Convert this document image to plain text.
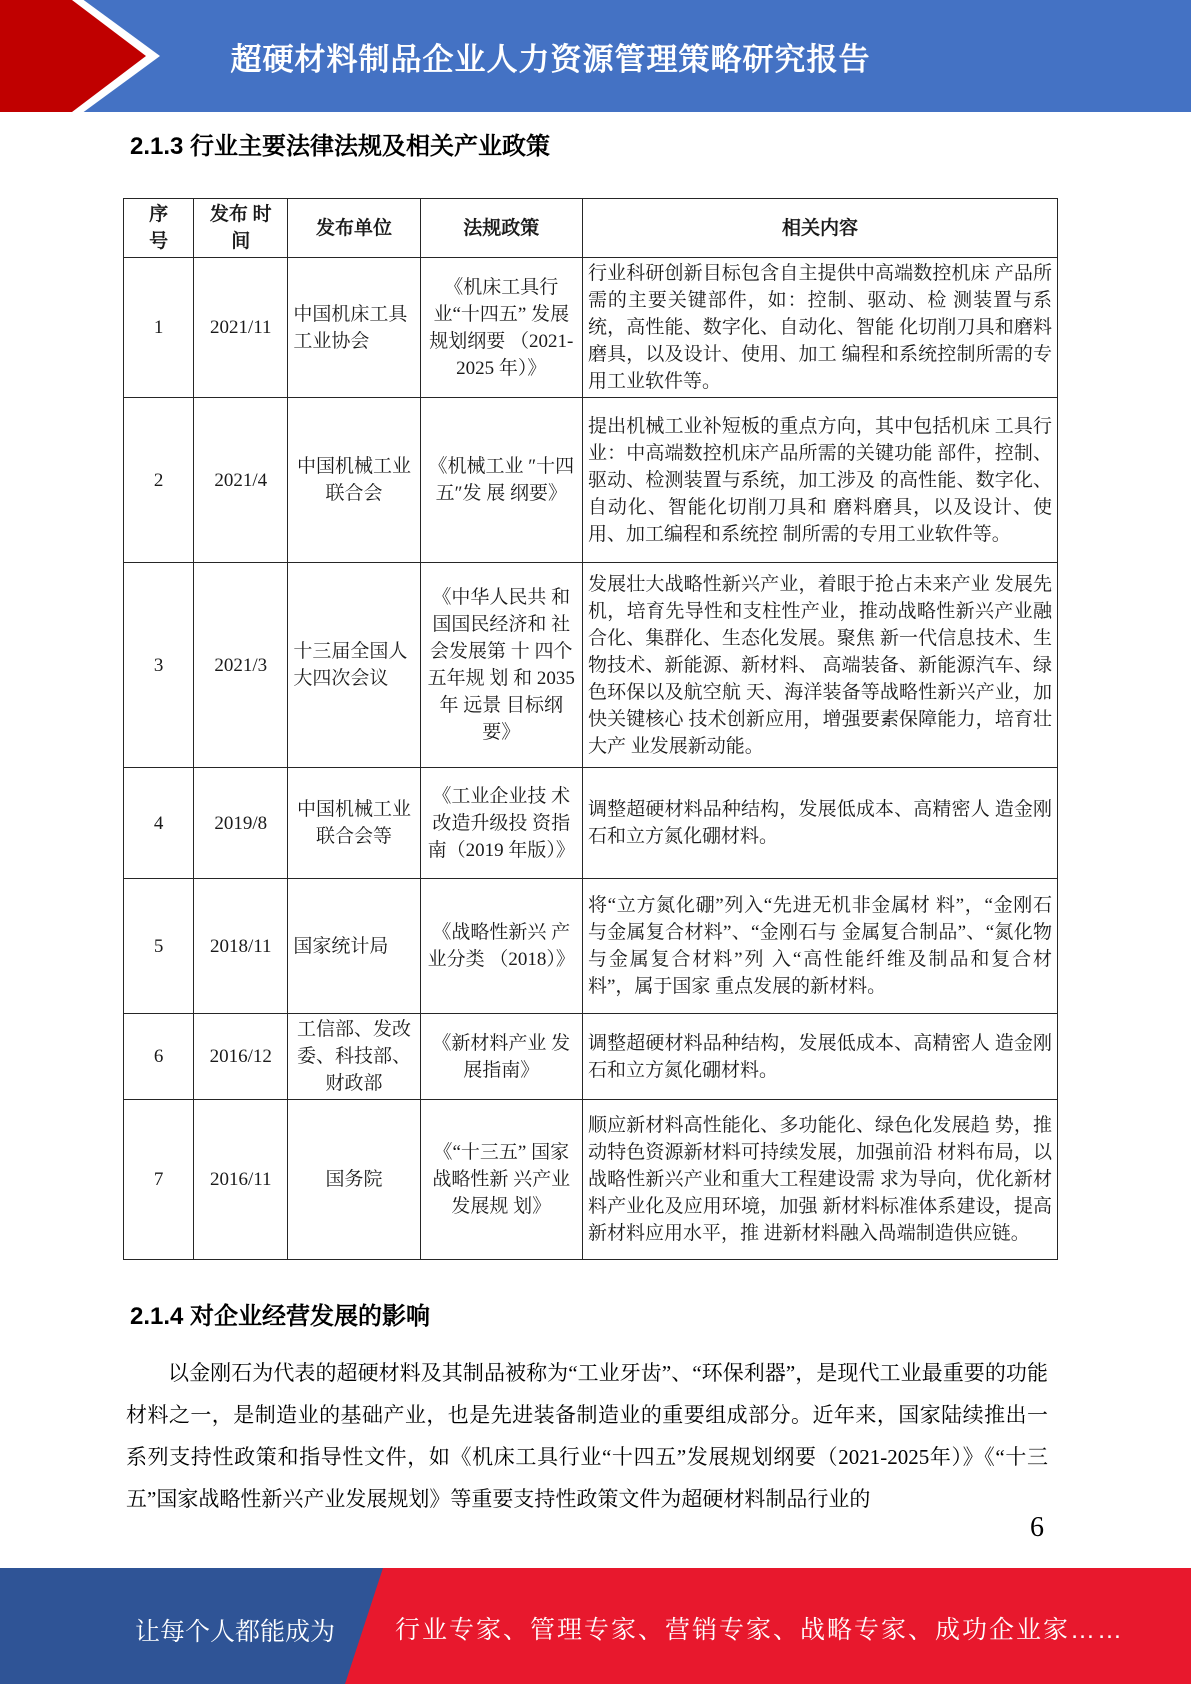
超硬材料制品企业人力资源管理策略研究报告
2.1.3 行业主要法律法规及相关产业政策
序号	发布 时间	发布单位	法规政策	相关内容
1	2021/11	中国机床工具工业协会	《机床工具行 业“十四五” 发展规划纲要 （2021-2025 年）》	行业科研创新目标包含自主提供中高端数控机床 产品所需的主要关键部件，如：控制、驱动、检 测装置与系统，高性能、数字化、自动化、智能 化切削刀具和磨料磨具，以及设计、使用、加工 编程和系统控制所需的专用工业软件等。
2	2021/4	中国机械工业联合会	《机械工业 ″十四五″发 展 纲要》	提出机械工业补短板的重点方向，其中包括机床 工具行业：中高端数控机床产品所需的关键功能 部件，控制、驱动、检测装置与系统，加工涉及 的高性能、数字化、自动化、智能化切削刀具和 磨料磨具，以及设计、使用、加工编程和系统控 制所需的专用工业软件等。
3	2021/3	十三届全国人大四次会议	《中华人民共 和国国民经济和 社会发展第 十 四个五年规 划 和 2035 年 远景 目标纲 要》	发展壮大战略性新兴产业，着眼于抢占未来产业 发展先机，培育先导性和支柱性产业，推动战略性新兴产业融合化、集群化、生态化发展。聚焦 新一代信息技术、生物技术、新能源、新材料、 高端装备、新能源汽车、绿色环保以及航空航 天、海洋装备等战略性新兴产业，加快关键核心 技术创新应用，增强要素保障能力，培育壮大产 业发展新动能。
4	2019/8	中国机械工业联合会等	《工业企业技 术改造升级投 资指南（2019 年版）》	调整超硬材料品种结构，发展低成本、高精密人 造金刚石和立方氮化硼材料。
5	2018/11	国家统计局	《战略性新兴 产业分类 （2018）》	将“立方氮化硼”列入“先进无机非金属材 料”，“金刚石与金属复合材料”、“金刚石与 金属复合制品”、“氮化物与金属复合材料”列 入“高性能纤维及制品和复合材料”，属于国家 重点发展的新材料。
6	2016/12	工信部、发改委、科技部、财政部	《新材料产业 发展指南》	调整超硬材料品种结构，发展低成本、高精密人 造金刚石和立方氮化硼材料。
7	2016/11	国务院	《“十三五” 国家战略性新 兴产业发展规 划》	顺应新材料高性能化、多功能化、绿色化发展趋 势，推动特色资源新材料可持续发展，加强前沿 材料布局，以战略性新兴产业和重大工程建设需 求为导向，优化新材料产业化及应用环境，加强 新材料标准体系建设，提高新材料应用水平，推 进新材料融入咼端制造供应链。
2.1.4 对企业经营发展的影响
以金刚石为代表的超硬材料及其制品被称为“工业牙齿”、“环保利器”，是现代工业最重要的功能材料之一，是制造业的基础产业，也是先进装备制造业的重要组成部分。近年来，国家陆续推出一系列支持性政策和指导性文件，如《机床工具行业“十四五”发展规划纲要（2021-2025年）》《“十三五”国家战略性新兴产业发展规划》等重要支持性政策文件为超硬材料制品行业的
6
让每个人都能成为 行业专家、管理专家、营销专家、战略专家、成功企业家……
